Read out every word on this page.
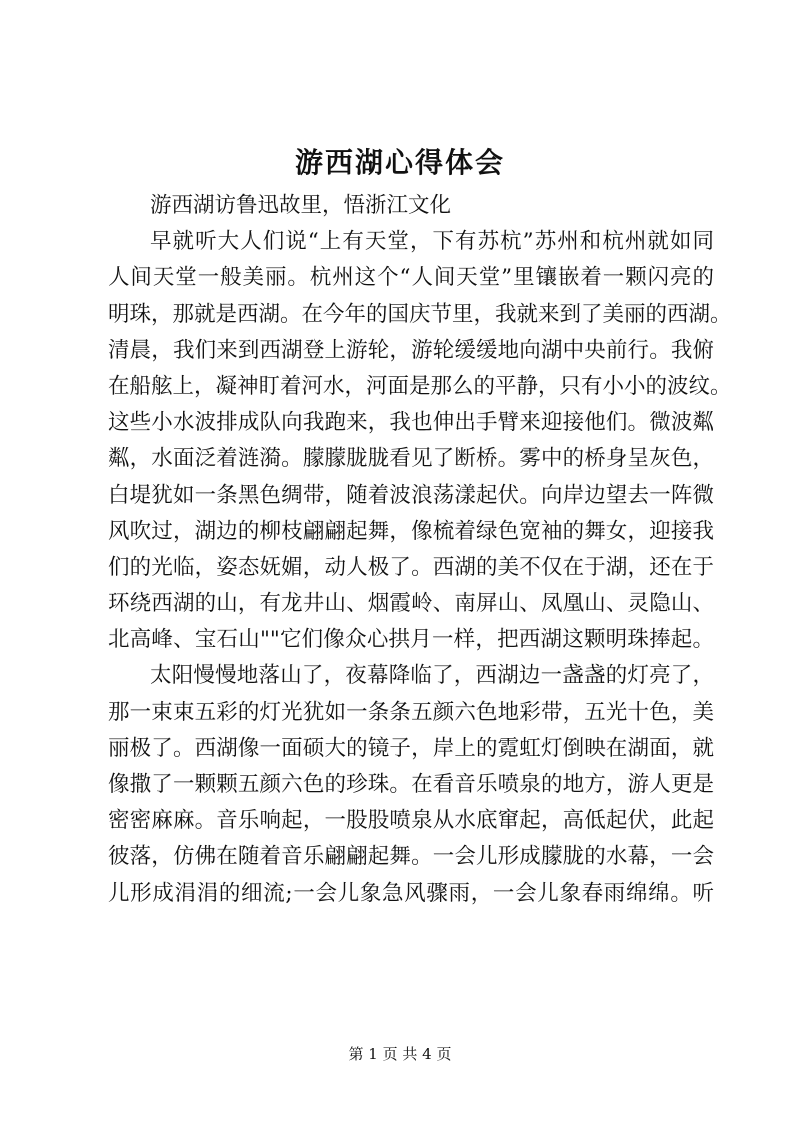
游西湖心得体会
游西湖访鲁迅故里，悟浙江文化
早就听大人们说“上有天堂，下有苏杭”苏州和杭州就如同
人间天堂一般美丽。杭州这个“人间天堂”里镶嵌着一颗闪亮的
明珠，那就是西湖。在今年的国庆节里，我就来到了美丽的西湖。
清晨，我们来到西湖登上游轮，游轮缓缓地向湖中央前行。我俯
在船舷上，凝神盯着河水，河面是那么的平静，只有小小的波纹。
这些小水波排成队向我跑来，我也伸出手臂来迎接他们。微波粼
粼，水面泛着涟漪。朦朦胧胧看见了断桥。雾中的桥身呈灰色，
白堤犹如一条黑色绸带，随着波浪荡漾起伏。向岸边望去一阵微
风吹过，湖边的柳枝翩翩起舞，像梳着绿色宽袖的舞女，迎接我
们的光临，姿态妩媚，动人极了。西湖的美不仅在于湖，还在于
环绕西湖的山，有龙井山、烟霞岭、南屏山、凤凰山、灵隐山、
北高峰、宝石山""它们像众心拱月一样，把西湖这颗明珠捧起。
太阳慢慢地落山了，夜幕降临了，西湖边一盏盏的灯亮了，
那一束束五彩的灯光犹如一条条五颜六色地彩带，五光十色，美
丽极了。西湖像一面硕大的镜子，岸上的霓虹灯倒映在湖面，就
像撒了一颗颗五颜六色的珍珠。在看音乐喷泉的地方，游人更是
密密麻麻。音乐响起，一股股喷泉从水底窜起，高低起伏，此起
彼落，仿佛在随着音乐翩翩起舞。一会儿形成朦胧的水幕，一会
儿形成涓涓的细流;一会儿象急风骤雨，一会儿象春雨绵绵。听
第 1 页 共 4 页
